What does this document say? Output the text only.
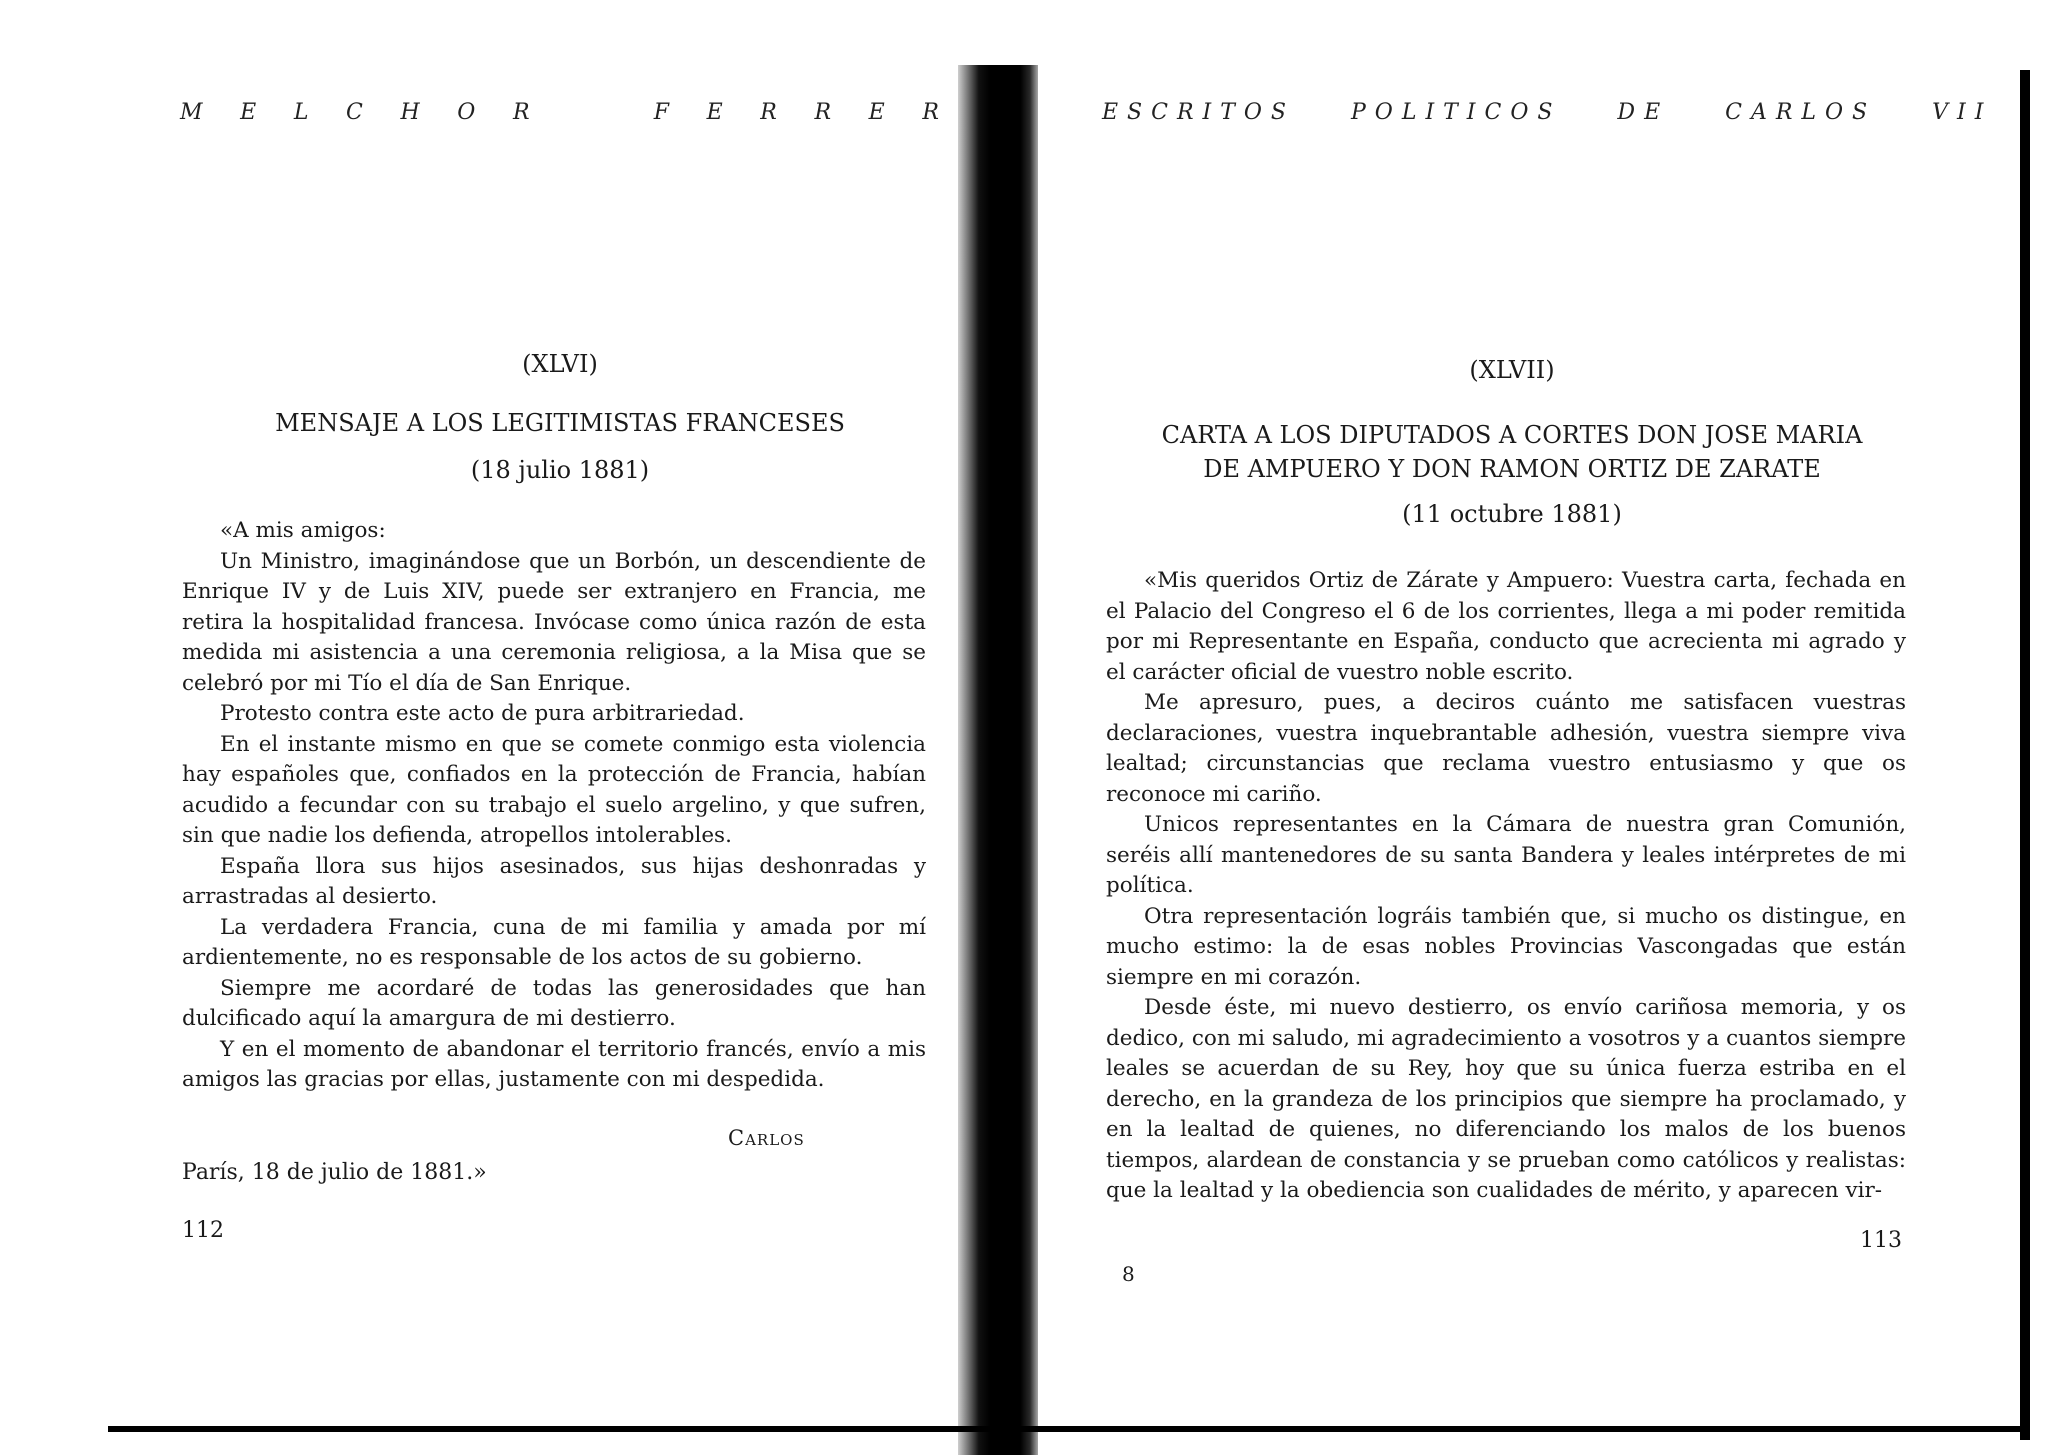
M E L C H O R	F E R R E R
(XLVI)
MENSAJE A LOS LEGITIMISTAS FRANCESES
(18 julio 1881)

«A mis amigos:

Un Ministro, imaginándose que un Borbón, un descendiente de Enrique IV y de Luis XIV, puede ser extranjero en Francia, me retira la hospitalidad francesa. Invócase como única razón de esta medida mi asistencia a una ceremonia religiosa, a la Misa que se celebró por mi Tío el día de San Enrique.

Protesto contra este acto de pura arbitrariedad.

En el instante mismo en que se comete conmigo esta violencia hay españoles que, confiados en la protección de Francia, habían acudido a fecundar con su trabajo el suelo argelino, y que sufren, sin que nadie los defienda, atropellos intolerables.

España llora sus hijos asesinados, sus hijas deshonradas y arrastradas al desierto.

La verdadera Francia, cuna de mi familia y amada por mí ardientemente, no es responsable de los actos de su gobierno.

Siempre me acordaré de todas las generosidades que han dulcificado aquí la amargura de mi destierro.

Y en el momento de abandonar el territorio francés, envío a mis amigos las gracias por ellas, justamente con mi despedida.

Carlos
París, 18 de julio de 1881.»
112
ESCRITOS POLITICOS DE CARLOS VII
(XLVII)
CARTA A LOS DIPUTADOS A CORTES DON JOSE MARIA
DE AMPUERO Y DON RAMON ORTIZ DE ZARATE
(11 octubre 1881)

«Mis queridos Ortiz de Zárate y Ampuero: Vuestra carta, fechada en el Palacio del Congreso el 6 de los corrientes, llega a mi poder remitida por mi Representante en España, conducto que acrecienta mi agrado y el carácter oficial de vuestro noble escrito.

Me apresuro, pues, a deciros cuánto me satisfacen vuestras declaraciones, vuestra inquebrantable adhesión, vuestra siempre viva lealtad; circunstancias que reclama vuestro entusiasmo y que os reconoce mi cariño.

Unicos representantes en la Cámara de nuestra gran Comunión, seréis allí mantenedores de su santa Bandera y leales intérpretes de mi política.

Otra representación lográis también que, si mucho os distingue, en mucho estimo: la de esas nobles Provincias Vascongadas que están siempre en mi corazón.

Desde éste, mi nuevo destierro, os envío cariñosa memoria, y os dedico, con mi saludo, mi agradecimiento a vosotros y a cuantos siempre leales se acuerdan de su Rey, hoy que su única fuerza estriba en el derecho, en la grandeza de los principios que siempre ha proclamado, y en la lealtad de quienes, no diferenciando los malos de los buenos tiempos, alardean de constancia y se prueban como católicos y realistas: que la lealtad y la obediencia son cualidades de mérito, y aparecen vir-

8
113
